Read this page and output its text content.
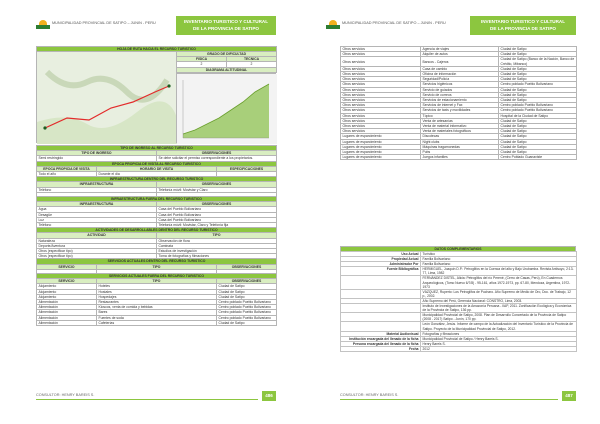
MUNICIPALIDAD PROVINCIAL DE SATIPO – JUNIN - PERU	INVENTARIO TURISTICO Y CULTURAL
DE LA PROVINCIA DE SATIPO
HOJA DE RUTA HACIA EL RECURSO TURISTICO
GRADO DE DIFICULTAD	
FISICA	TECNICA
2	2
DIAGRAMA ALTITUDINAL	
TIPO DE INGRESO AL RECURSO TURISTICO			
TIPO DE INGRESO		OBSERVACIONES	
Semi restringido		Se debe solicitar el permiso correspondiente a los propietarios.	
EPOCA PROPICIA DE VISITA AL RECURSO TURISTICO			
EPOCA PROPICIA DE VISITA	HORARIO DE VISITA		ESPECIFICACIONES
Todo el año	Durante el día		
INFRAESTRUCTURA DENTRO DEL RECURSO TURISTICO			
INFRAESTRUCTURA		OBSERVACIONES	
Teléfono		Telefonía móvil: Movistar y Claro	

INFRAESTRUCTURA FUERA DEL RECURSO TURISTICO			
INFRAESTRUCTURA		OBSERVACIONES	
Agua		Casa del Pueblo Bolivariano	
Desagüe		Casa del Pueblo Bolivariano	
Luz		Casa del Pueblo Bolivariano	
Teléfono		Telefonía móvil: Movistar, Claro y Telefonía fija	
ACTIVIDADES DE DESARROLLABLES DENTRO DEL RECURSO TURISTICO			
ACTIVIDAD		TIPO	
Naturaleza		Observación de flora	
Deporte/Aventura		Caminata	
Otros (especificar tipo)		Estudios de investigación	
Otros (especificar tipo)		Toma de fotografías y filmaciones	
SERVICIOS ACTUALES DENTRO DEL RECURSO TURISTICO			
SERVICIO	TIPO		OBSERVACIONES

SERVICIOS ACTUALES FUERA DEL RECURSO TURISTICO			
SERVICIO	TIPO		OBSERVACIONES
Alojamiento	Hoteles		Ciudad de Satipo
Alojamiento	Hostales		Ciudad de Satipo
Alojamiento	Hospedajes		Ciudad de Satipo
Alimentación	Restaurantes		Centro poblado Pueblo Bolivariano
Alimentación	Kioscos, venta de comida y bebidas		Centro poblado Pueblo Bolivariano
Alimentación	Bares		Centro poblado Pueblo Bolivariano
Alimentación	Fuentes de soda		Centro poblado Pueblo Bolivariano
Alimentación	Cafeterías		Ciudad de Satipo
CONSULTOR: HENRY BAREIS S.	486
MUNICIPALIDAD PROVINCIAL DE SATIPO – JUNIN - PERU	INVENTARIO TURISTICO Y CULTURAL
DE LA PROVINCIA DE SATIPO
Otros servicios	Agencia de viajes	Ciudad de Satipo
Otros servicios	Alquiler de autos	Ciudad de Satipo
Otros servicios	Bancos - Cajeros	Ciudad de Satipo (Banco de la Nación, Banco de Crédito, Mibanco)
Otros servicios	Casa de cambio	Ciudad de Satipo
Otros servicios	Oficina de información	Ciudad de Satipo
Otros servicios	Seguridad/Policía	Ciudad de Satipo
Otros servicios	Servicios higiénicos	Centro poblado Pueblo Bolivariano
Otros servicios	Servicio de guiados	Ciudad de Satipo
Otros servicios	Servicio de correos	Ciudad de Satipo
Otros servicios	Servicios de estacionamiento	Ciudad de Satipo
Otros servicios	Servicios de internet y Fax	Centro poblado Pueblo Bolivariano
Otros servicios	Servicios de taxis y movilidades	Centro poblado Pueblo Bolivariano
Otros servicios	Tópico	Hospital de la Ciudad de Satipo
Otros servicios	Venta de artesanías	Ciudad de Satipo
Otros servicios	Venta de material informativo	Ciudad de Satipo
Otros servicios	Venta de materiales fotográficos	Ciudad de Satipo
Lugares de esparcimiento	Discotecas	Ciudad de Satipo
Lugares de esparcimiento	Night clubs	Ciudad de Satipo
Lugares de esparcimiento	Máquinas tragamonedas	Ciudad de Satipo
Lugares de esparcimiento	Pubs	Ciudad de Satipo
Lugares de esparcimiento	Juegos infantiles	Centro Poblado Guanaviste
DATOS COMPLEMENTARIOS
Uso Actual	Turístico
Propiedad Actual	Familia Bolivariano
Administrador Por	Familia Bolivariano
Fuente Bibliográfica	HERMIGUEL, Joaquin D.P.: Petroglifos en la Cuenca del alto y Bajo Urubamba. Revista Antisuyo, 2:13-77, Lima, 1982
	FERNÁNDEZ DISTEL, Alicia: Petroglifos del río Perené, (Cerro de Casas, Perú), En Cuadernos Arqueológicos, (Tomo Nuevo 6/7/8) - 95-161, años 1972-1973, pp. 67-80, Mendoza, Argentina, 1972-1973
	VÁZQUEZ, Ruperto: Los Petroglifos de Pucharo. Año Supremo de Medio de Oro, Doc. de Trabajo, 12 p., 2002.
	Año Supremo del Perú, Gerencia Nacional: CONSTRO, Lima, 2003.
	Instituto de Investigaciones de la Amazonía Peruana - IIAP, 2011. Zonificación Ecológica y Económica de la Provincia de Satipo, 136 pp.
	Municipalidad Provincial de Satipo, 2008. Plan de Desarrollo Concertado de la Provincia de Satipo (2008 - 2017) Satipo - Junín, 170 pp.
	León González, Jesús. Informe de campo de la Actualización del Inventario Turístico de la Provincia de Satipo. Proyecto de la Municipalidad Provincial de Satipo, 2012.
Material Audiovisual	Fotografías y filmaciones
Institución encargada del llenado de la ficha	Municipalidad Provincial de Satipo / Henry Bareis S.
Persona encargada del llenado de la ficha	Henry Bareis S.
Fecha	2012
CONSULTOR: HENRY BAREIS S.	487
